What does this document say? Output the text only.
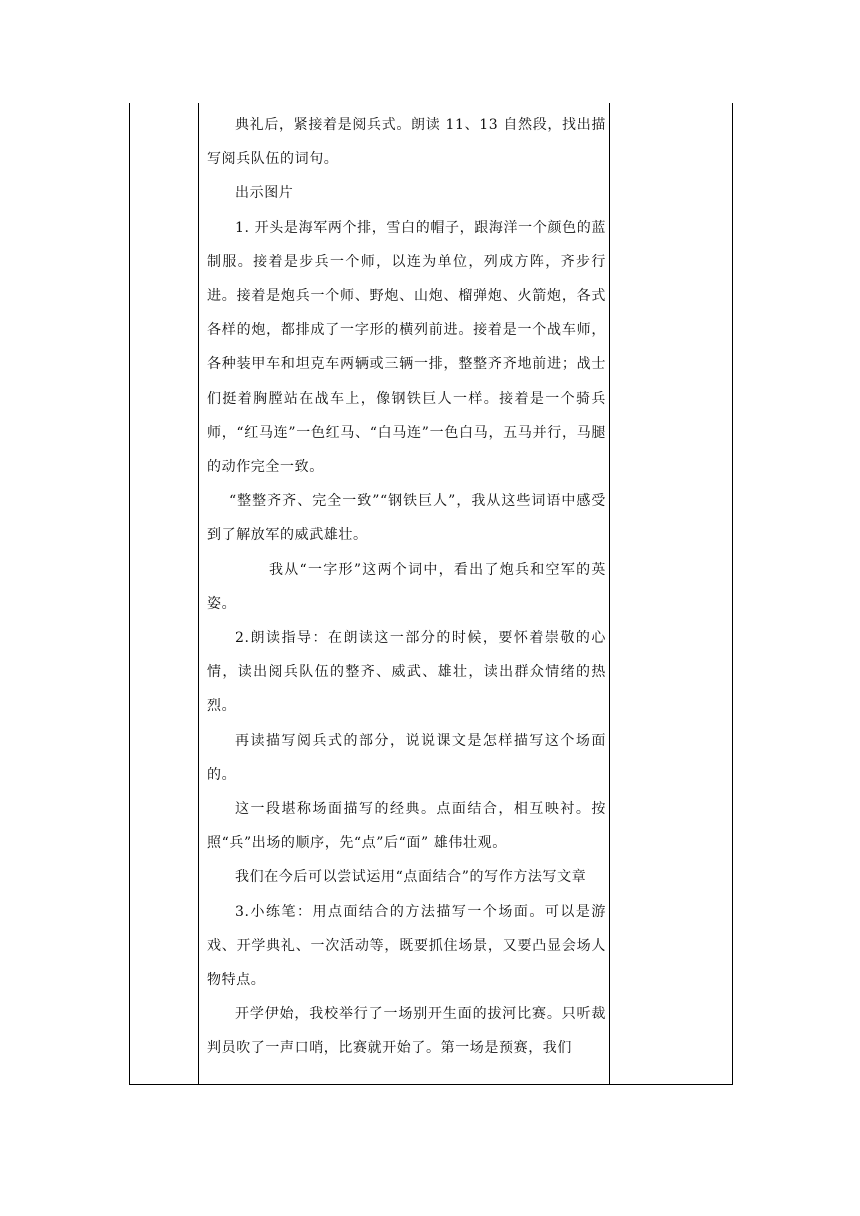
典礼后，紧接着是阅兵式。朗读 11、13 自然段，找出描写阅兵队伍的词句。

出示图片

1. 开头是海军两个排，雪白的帽子，跟海洋一个颜色的蓝制服。接着是步兵一个师，以连为单位，列成方阵，齐步行进。接着是炮兵一个师、野炮、山炮、榴弹炮、火箭炮，各式各样的炮，都排成了一字形的横列前进。接着是一个战车师，各种装甲车和坦克车两辆或三辆一排，整整齐齐地前进；战士们挺着胸膛站在战车上，像钢铁巨人一样。接着是一个骑兵师，“红马连”一色红马、“白马连”一色白马，五马并行，马腿的动作完全一致。

“整整齐齐、完全一致”“钢铁巨人”，我从这些词语中感受到了解放军的威武雄壮。

我从“一字形”这两个词中，看出了炮兵和空军的英姿。

2.朗读指导：在朗读这一部分的时候，要怀着崇敬的心情，读出阅兵队伍的整齐、威武、雄壮，读出群众情绪的热烈。

再读描写阅兵式的部分，说说课文是怎样描写这个场面的。

这一段堪称场面描写的经典。点面结合，相互映衬。按照“兵”出场的顺序，先“点”后“面” 雄伟壮观。

我们在今后可以尝试运用“点面结合”的写作方法写文章

3.小练笔：用点面结合的方法描写一个场面。可以是游戏、开学典礼、一次活动等，既要抓住场景，又要凸显会场人物特点。

开学伊始，我校举行了一场别开生面的拔河比赛。只听裁判员吹了一声口哨，比赛就开始了。第一场是预赛，我们
